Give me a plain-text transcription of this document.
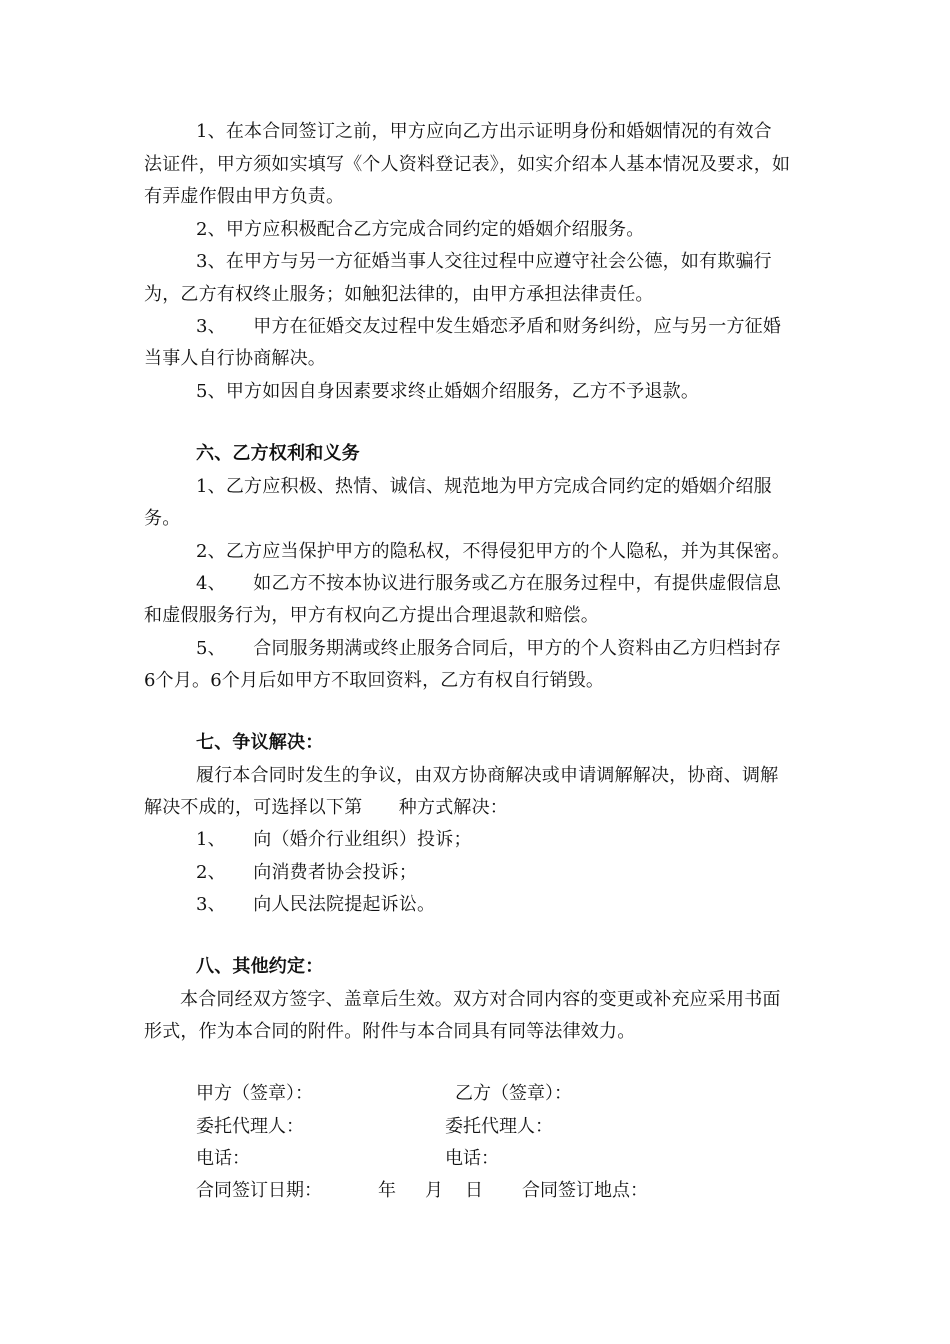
1、在本合同签订之前，甲方应向乙方出示证明身份和婚姻情况的有效合
法证件，甲方须如实填写《个人资料登记表》，如实介绍本人基本情况及要求，如
有弄虚作假由甲方负责。
2、甲方应积极配合乙方完成合同约定的婚姻介绍服务。
3、在甲方与另一方征婚当事人交往过程中应遵守社会公德，如有欺骗行
为，乙方有权终止服务；如触犯法律的，由甲方承担法律责任。
3、　　甲方在征婚交友过程中发生婚恋矛盾和财务纠纷，应与另一方征婚
当事人自行协商解决。
5、甲方如因自身因素要求终止婚姻介绍服务，乙方不予退款。
六、乙方权利和义务
1、乙方应积极、热情、诚信、规范地为甲方完成合同约定的婚姻介绍服
务。
2、乙方应当保护甲方的隐私权，不得侵犯甲方的个人隐私，并为其保密。
4、　　如乙方不按本协议进行服务或乙方在服务过程中，有提供虚假信息
和虚假服务行为，甲方有权向乙方提出合理退款和赔偿。
5、　　合同服务期满或终止服务合同后，甲方的个人资料由乙方归档封存
6个月。6个月后如甲方不取回资料，乙方有权自行销毁。
七、争议解决：
履行本合同时发生的争议，由双方协商解决或申请调解解决，协商、调解
解决不成的，可选择以下第　　种方式解决：
1、　　向（婚介行业组织）投诉；
2、　　向消费者协会投诉；
3、　　向人民法院提起诉讼。
八、其他约定：
本合同经双方签字、盖章后生效。双方对合同内容的变更或补充应采用书面
形式，作为本合同的附件。附件与本合同具有同等法律效力。
甲方（签章）：	乙方（签章）：
委托代理人：	委托代理人：
电话：	电话：
合同签订日期：	年 月 日 合同签订地点：
